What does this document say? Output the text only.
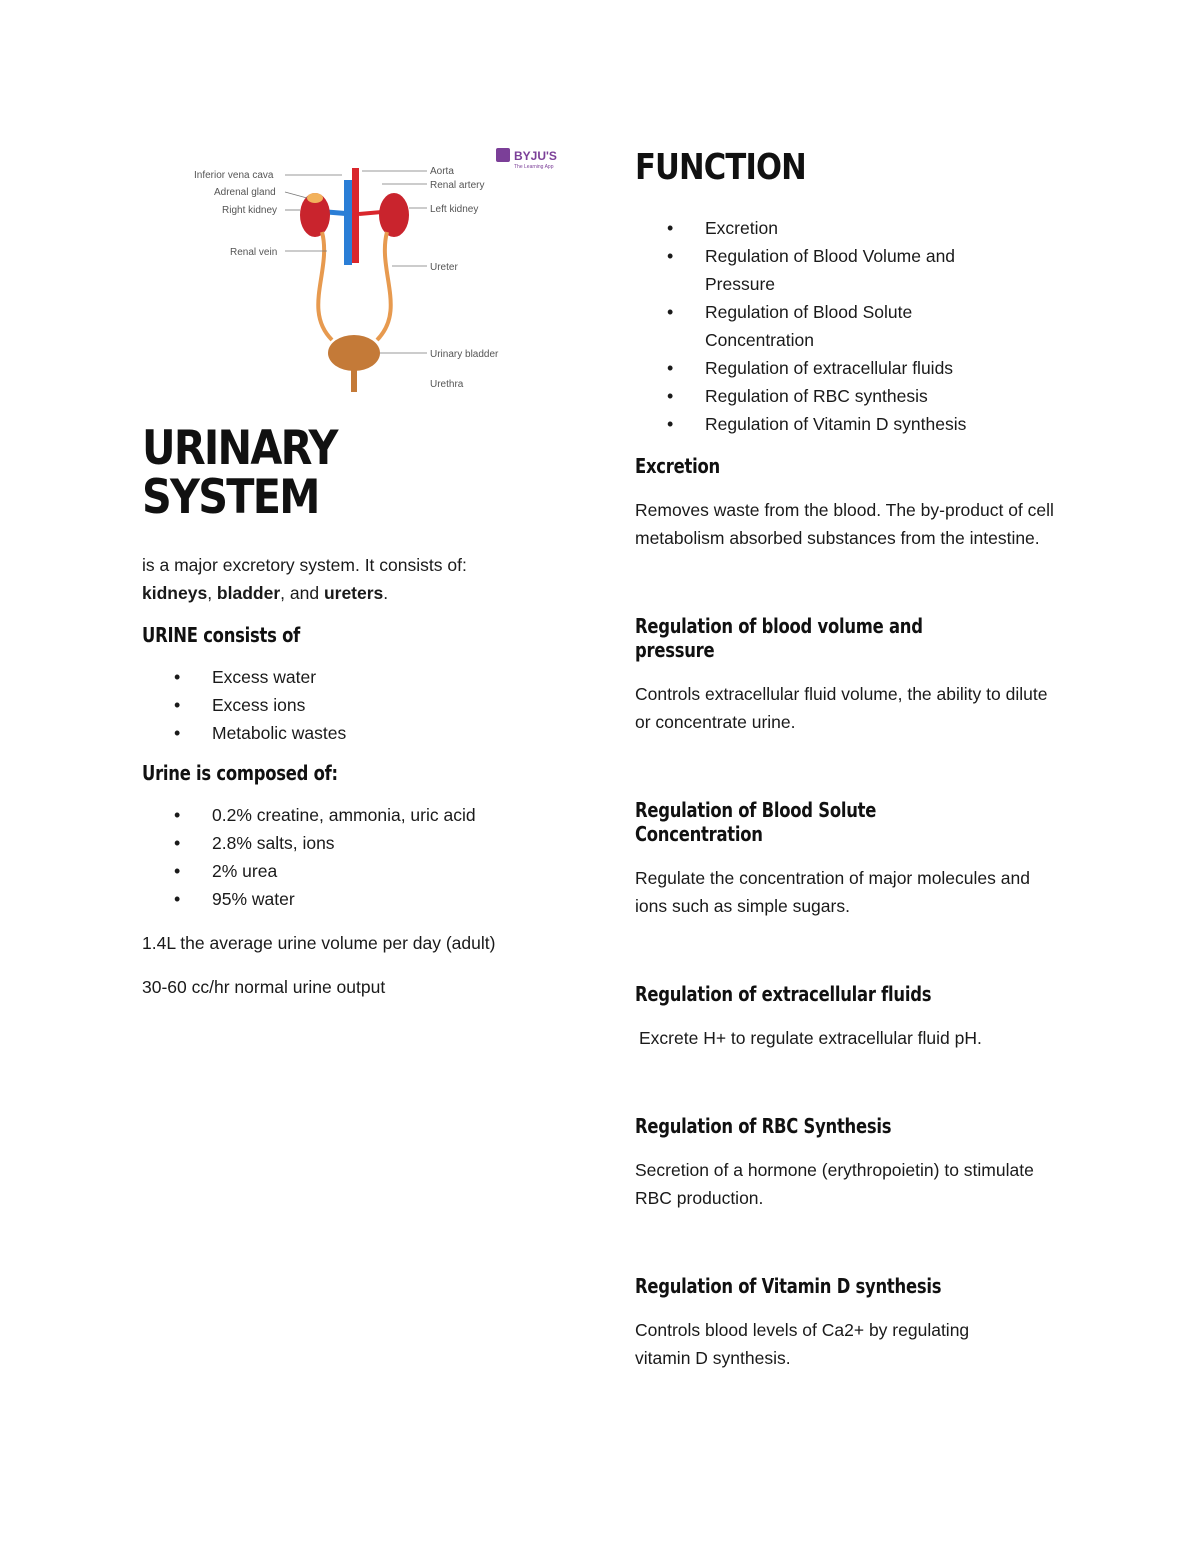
BYJU'S
The Learning App
Inferior vena cava
Adrenal gland
Right kidney
Renal vein
Aorta
Renal artery
Left kidney
Ureter
Urinary bladder
Urethra
URINARY SYSTEM

is a major excretory system. It consists of:
kidneys, bladder, and ureters.

URINE consists of
• Excess water
• Excess ions
• Metabolic wastes
Urine is composed of:
• 0.2% creatine, ammonia, uric acid
• 2.8% salts, ions
• 2% urea
• 95% water

1.4L the average urine volume per day (adult)

30-60 cc/hr normal urine output

FUNCTION
• Excretion
• Regulation of Blood Volume and Pressure
• Regulation of Blood Solute Concentration
• Regulation of extracellular fluids
• Regulation of RBC synthesis
• Regulation of Vitamin D synthesis
Excretion

Removes waste from the blood. The by-product of cell metabolism absorbed substances from the intestine.

Regulation of blood volume and pressure

Controls extracellular fluid volume, the ability to dilute or concentrate urine.

Regulation of Blood Solute Concentration

Regulate the concentration of major molecules and ions such as simple sugars.

Regulation of extracellular fluids

Excrete H+ to regulate extracellular fluid pH.

Regulation of RBC Synthesis

Secretion of a hormone (erythropoietin) to stimulate RBC production.

Regulation of Vitamin D synthesis

Controls blood levels of Ca2+ by regulating vitamin D synthesis.
